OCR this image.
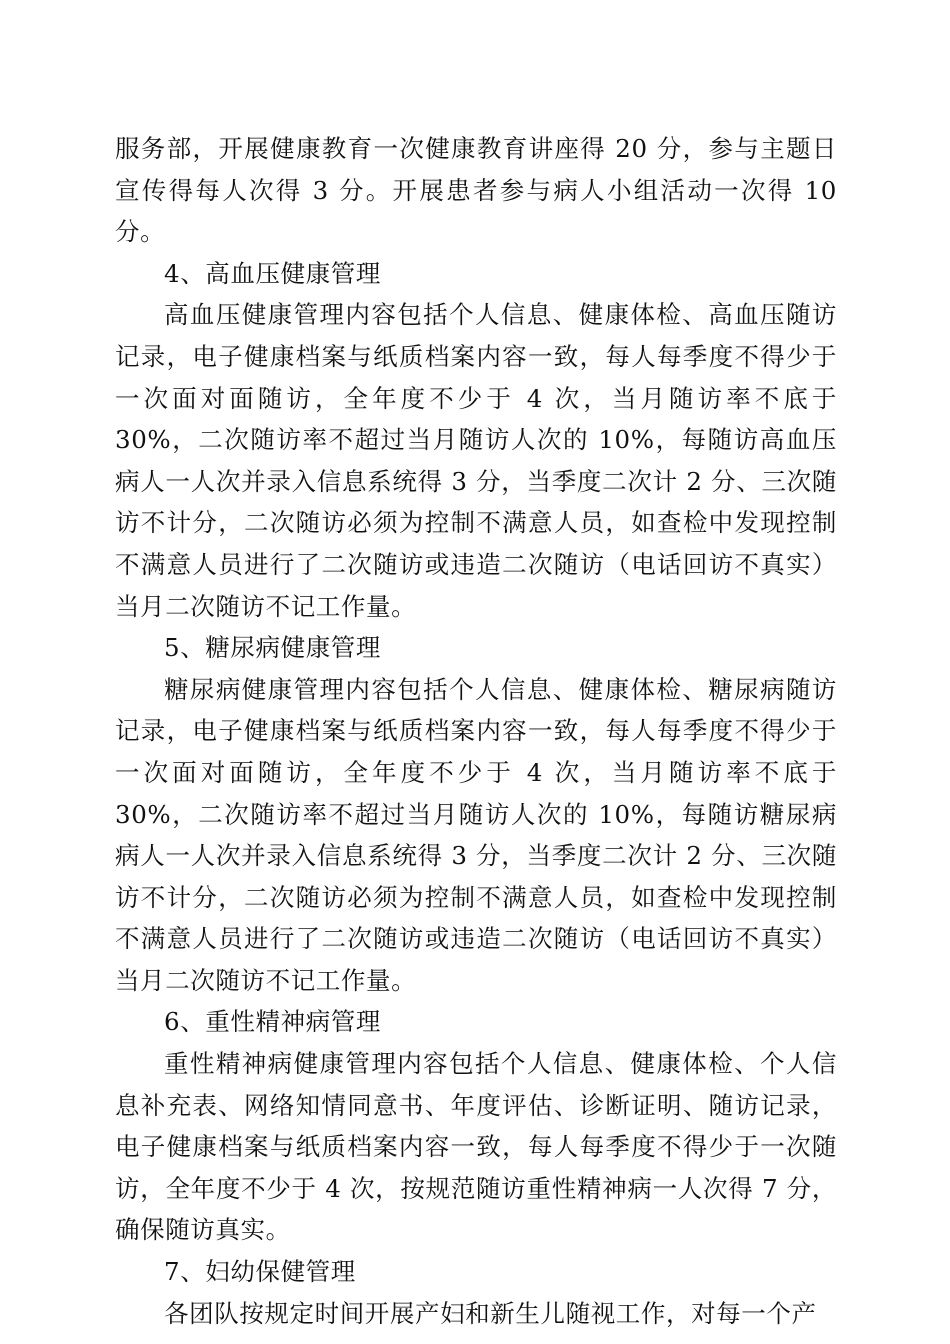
服务部，开展健康教育一次健康教育讲座得 20 分，参与主题日宣传得每人次得 3 分。开展患者参与病人小组活动一次得 10 分。

4、高血压健康管理

高血压健康管理内容包括个人信息、健康体检、高血压随访记录，电子健康档案与纸质档案内容一致，每人每季度不得少于一次面对面随访，全年度不少于 4 次，当月随访率不底于 30%，二次随访率不超过当月随访人次的 10%，每随访高血压病人一人次并录入信息系统得 3 分，当季度二次计 2 分、三次随访不计分，二次随访必须为控制不满意人员，如查检中发现控制不满意人员进行了二次随访或违造二次随访（电话回访不真实）当月二次随访不记工作量。

5、糖尿病健康管理

糖尿病健康管理内容包括个人信息、健康体检、糖尿病随访记录，电子健康档案与纸质档案内容一致，每人每季度不得少于一次面对面随访，全年度不少于 4 次，当月随访率不底于 30%，二次随访率不超过当月随访人次的 10%，每随访糖尿病病人一人次并录入信息系统得 3 分，当季度二次计 2 分、三次随访不计分，二次随访必须为控制不满意人员，如查检中发现控制不满意人员进行了二次随访或违造二次随访（电话回访不真实）当月二次随访不记工作量。

6、重性精神病管理

重性精神病健康管理内容包括个人信息、健康体检、个人信息补充表、网络知情同意书、年度评估、诊断证明、随访记录，电子健康档案与纸质档案内容一致，每人每季度不得少于一次随访，全年度不少于 4 次，按规范随访重性精神病一人次得 7 分，确保随访真实。

7、妇幼保健管理

各团队按规定时间开展产妇和新生儿随视工作，对每一个产
